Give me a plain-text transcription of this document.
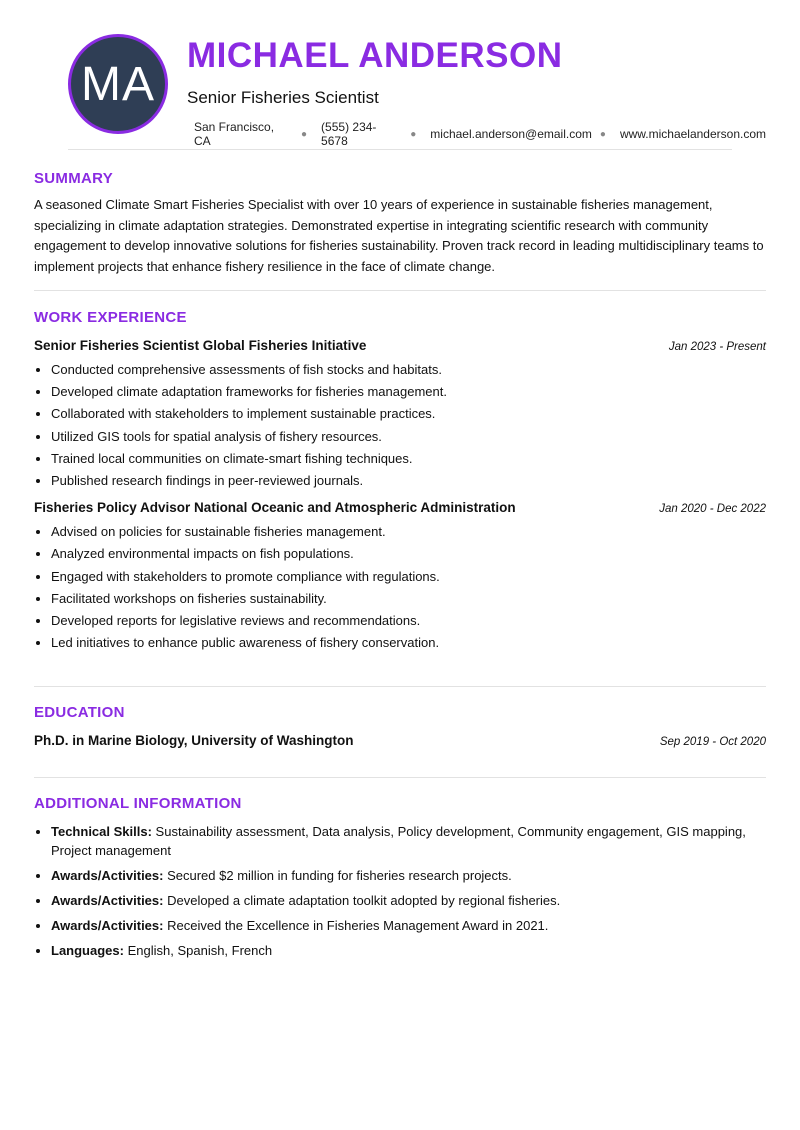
MA
MICHAEL ANDERSON
Senior Fisheries Scientist
San Francisco, CA	● (555) 234-5678	● michael.anderson@email.com ● www.michaelanderson.com
SUMMARY

A seasoned Climate Smart Fisheries Specialist with over 10 years of experience in sustainable fisheries management, specializing in climate adaptation strategies. Demonstrated expertise in integrating scientific research with community engagement to develop innovative solutions for fisheries sustainability. Proven track record in leading multidisciplinary teams to implement projects that enhance fishery resilience in the face of climate change.

WORK EXPERIENCE
Senior Fisheries Scientist Global Fisheries Initiative	Jan 2023 - Present
• Conducted comprehensive assessments of fish stocks and habitats.
• Developed climate adaptation frameworks for fisheries management.
• Collaborated with stakeholders to implement sustainable practices.
• Utilized GIS tools for spatial analysis of fishery resources.
• Trained local communities on climate-smart fishing techniques.
• Published research findings in peer-reviewed journals.
Fisheries Policy Advisor National Oceanic and Atmospheric Administration	Jan 2020 - Dec 2022
• Advised on policies for sustainable fisheries management.
• Analyzed environmental impacts on fish populations.
• Engaged with stakeholders to promote compliance with regulations.
• Facilitated workshops on fisheries sustainability.
• Developed reports for legislative reviews and recommendations.
• Led initiatives to enhance public awareness of fishery conservation.
EDUCATION
Ph.D. in Marine Biology, University of Washington	Sep 2019 - Oct 2020
ADDITIONAL INFORMATION
• Technical Skills: Sustainability assessment, Data analysis, Policy development, Community engagement, GIS mapping, Project management
• Awards/Activities: Secured $2 million in funding for fisheries research projects.
• Awards/Activities: Developed a climate adaptation toolkit adopted by regional fisheries.
• Awards/Activities: Received the Excellence in Fisheries Management Award in 2021.
• Languages: English, Spanish, French
